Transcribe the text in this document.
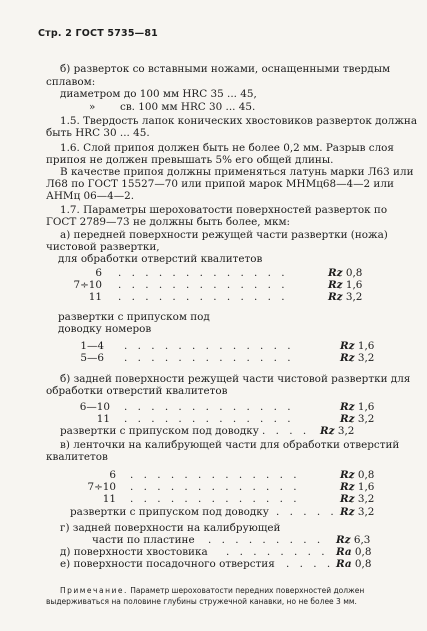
Стр. 2 ГОСТ 5735—81
б) разверток со вставными ножами, оснащенными твердым
сплавом:
диаметром до 100 мм HRC 35 ... 45,
» св. 100 мм HRC 30 ... 45.
1.5. Твердость лапок конических хвостовиков разверток должна
быть HRC 30 ... 45.
1.6. Слой припоя должен быть не более 0,2 мм. Разрыв слоя
припоя не должен превышать 5% его общей длины.
В качестве припоя должны применяться латунь марки Л63 или
Л68 по ГОСТ 15527—70 или припой марок МНМц68—4—2 или
АНМц 06—4—2.
1.7. Параметры шероховатости поверхностей разверток по
ГОСТ 2789—73 не должны быть более, мкм:
а) передней поверхности режущей части развертки (ножа)
чистовой развертки,
для обработки отверстий квалитетов
6 . . . . . . . . . . . . .	Rz 0,8
7÷10 . . . . . . . . . . . . .	Rz 1,6
11 . . . . . . . . . . . . .	Rz 3,2
развертки с припуском под
доводку номеров
1—4 . . . . . . . . . . . . .	Rz 1,6
5—6 . . . . . . . . . . . . .	Rz 3,2
б) задней поверхности режущей части чистовой развертки для
обработки отверстий квалитетов
6—10 . . . . . . . . . . . . .	Rz 1,6
11 . . . . . . . . . . . . .	Rz 3,2
развертки с припуском под доводку . . . . Rz 3,2
в) ленточки на калибрующей части для обработки отверстий
квалитетов
6 . . . . . . . . . . . . .	Rz 0,8
7÷10 . . . . . . . . . . . . .	Rz 1,6
11 . . . . . . . . . . . . .	Rz 3,2
развертки с припуском под доводку . . . . . Rz 3,2
г) задней поверхности на калибрующей
части по пластине . . . . . . . . . Rz 6,3
д) поверхности хвостовика . . . . . . . . Ra 0,8
е) поверхности посадочного отверстия . . . . Ra 0,8
Примечание. Параметр шероховатости передних поверхностей должен
выдерживаться на половине глубины стружечной канавки, но не более 3 мм.
